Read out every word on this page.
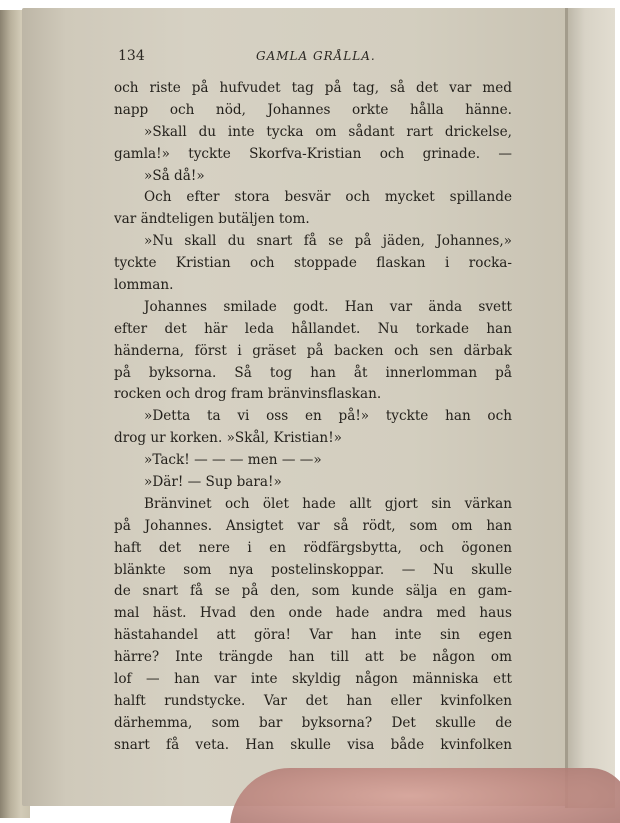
134	GAMLA GRÅLLA.
och riste på hufvudet tag på tag, så det var med
napp och nöd, Johannes orkte hålla hänne.
»Skall du inte tycka om sådant rart drickelse,
gamla!» tyckte Skorfva-Kristian och grinade. —
»Så då!»
Och efter stora besvär och mycket spillande
var ändteligen butäljen tom.
»Nu skall du snart få se på jäden, Johannes,»
tyckte Kristian och stoppade flaskan i rocka-
lomman.
Johannes smilade godt. Han var ända svett
efter det här leda hållandet. Nu torkade han
händerna, först i gräset på backen och sen därbak
på byksorna. Så tog han åt innerlomman på
rocken och drog fram bränvinsflaskan.
»Detta ta vi oss en på!» tyckte han och
drog ur korken. »Skål, Kristian!»
»Tack! — — — men — —»
»Där! — Sup bara!»
Bränvinet och ölet hade allt gjort sin värkan
på Johannes. Ansigtet var så rödt, som om han
haft det nere i en rödfärgsbytta, och ögonen
blänkte som nya postelinskoppar. — Nu skulle
de snart få se på den, som kunde sälja en gam-
mal häst. Hvad den onde hade andra med haus
hästahandel att göra! Var han inte sin egen
härre? Inte trängde han till att be någon om
lof — han var inte skyldig någon människa ett
halft rundstycke. Var det han eller kvinfolken
därhemma, som bar byksorna? Det skulle de
snart få veta. Han skulle visa både kvinfolken
